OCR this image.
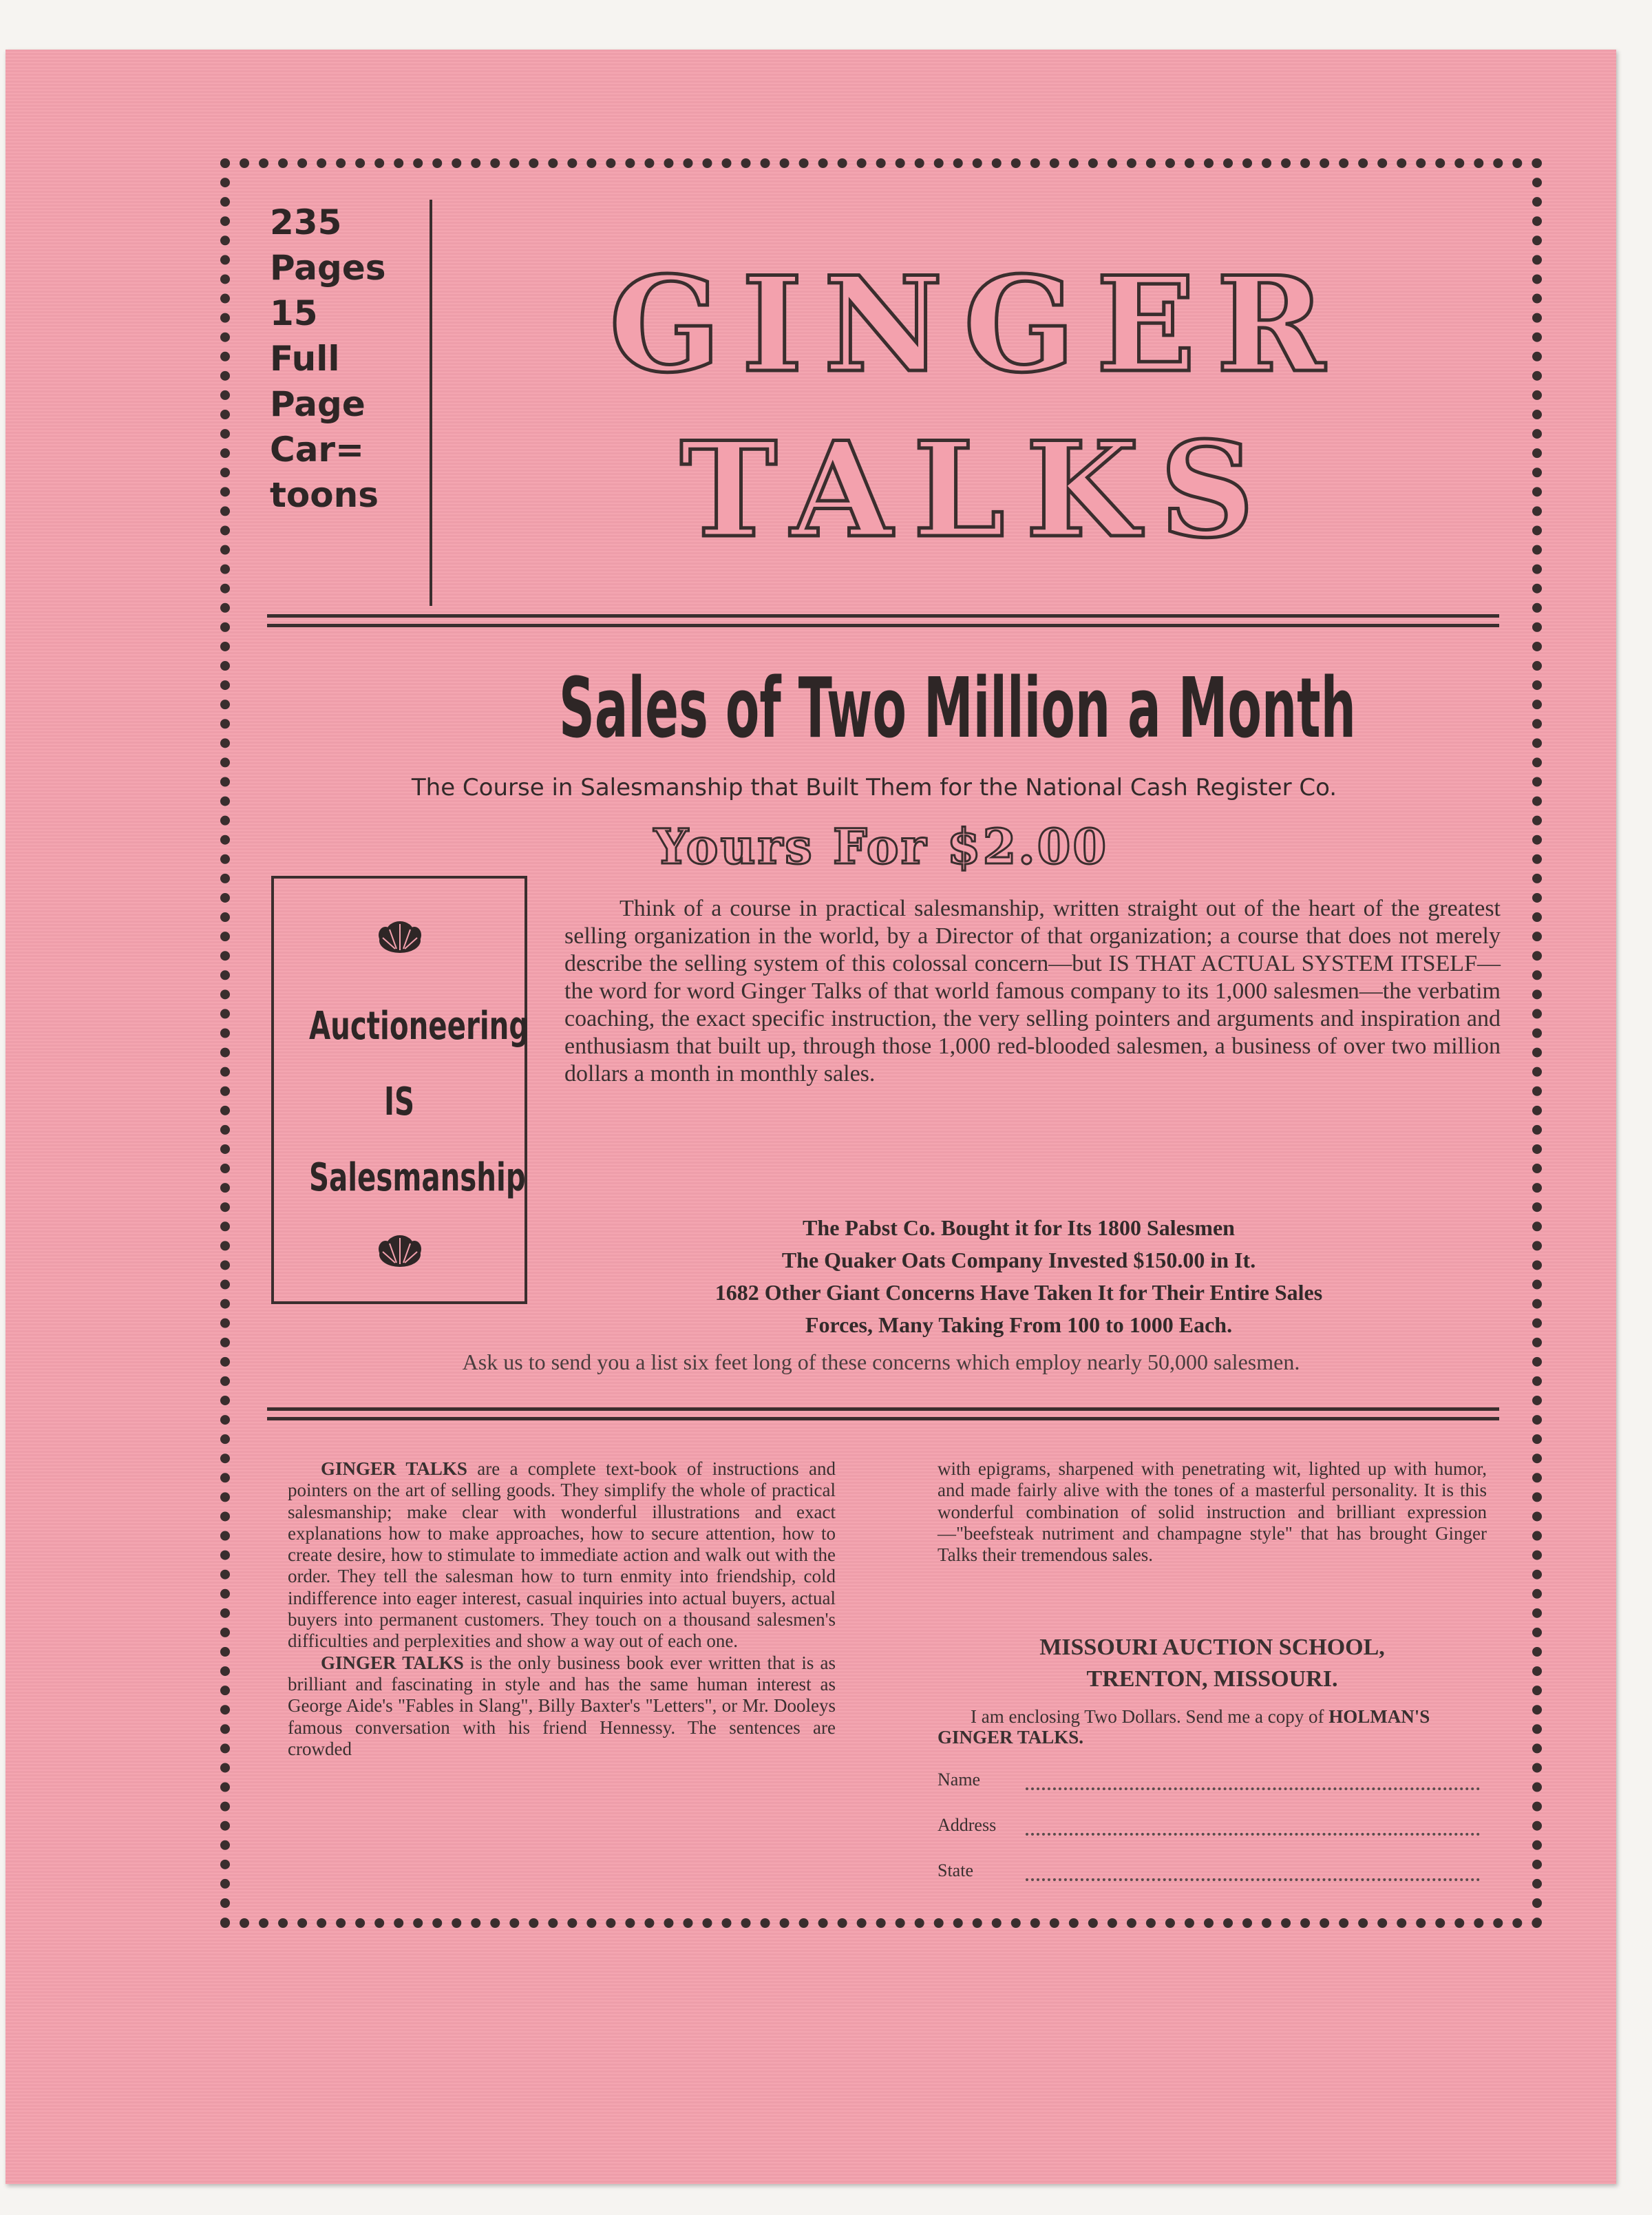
235
Pages
15
Full
Page
Car=
toons
GINGER
TALKS
Sales of Two Million a Month
The Course in Salesmanship that Built Them for the National Cash Register Co.
Yours For $2.00
Auctioneering
IS
Salesmanship
Think of a course in practical salesmanship, written straight out of the heart of the greatest selling organization in the world, by a Director of that organization; a course that does not merely describe the selling system of this colossal concern—but IS THAT ACTUAL SYSTEM ITSELF—the word for word Ginger Talks of that world famous company to its 1,000 salesmen—the verbatim coaching, the exact specific instruction, the very selling pointers and arguments and inspiration and enthusiasm that built up, through those 1,000 red-blooded salesmen, a business of over two million dollars a month in monthly sales.
The Pabst Co. Bought it for Its 1800 Salesmen
The Quaker Oats Company Invested $150.00 in It.
1682 Other Giant Concerns Have Taken It for Their Entire Sales
Forces, Many Taking From 100 to 1000 Each.
Ask us to send you a list six feet long of these concerns which employ nearly 50,000 salesmen.
GINGER TALKS are a complete text-book of instructions and pointers on the art of selling goods. They simplify the whole of practical salesmanship; make clear with wonderful illustrations and exact explanations how to make approaches, how to secure attention, how to create desire, how to stimulate to immediate action and walk out with the order. They tell the salesman how to turn enmity into friendship, cold indifference into eager interest, casual inquiries into actual buyers, actual buyers into permanent customers. They touch on a thousand salesmen's difficulties and perplexities and show a way out of each one.
GINGER TALKS is the only business book ever written that is as brilliant and fascinating in style and has the same human interest as George Aide's "Fables in Slang", Billy Baxter's "Letters", or Mr. Dooleys famous conversation with his friend Hennessy. The sentences are crowded
with epigrams, sharpened with penetrating wit, lighted up with humor, and made fairly alive with the tones of a masterful personality. It is this wonderful combination of solid instruction and brilliant expression—"beefsteak nutriment and champagne style" that has brought Ginger Talks their tremendous sales.
MISSOURI AUCTION SCHOOL,
TRENTON, MISSOURI.
I am enclosing Two Dollars. Send me a copy of HOLMAN'S GINGER TALKS.
Name
Address
State
